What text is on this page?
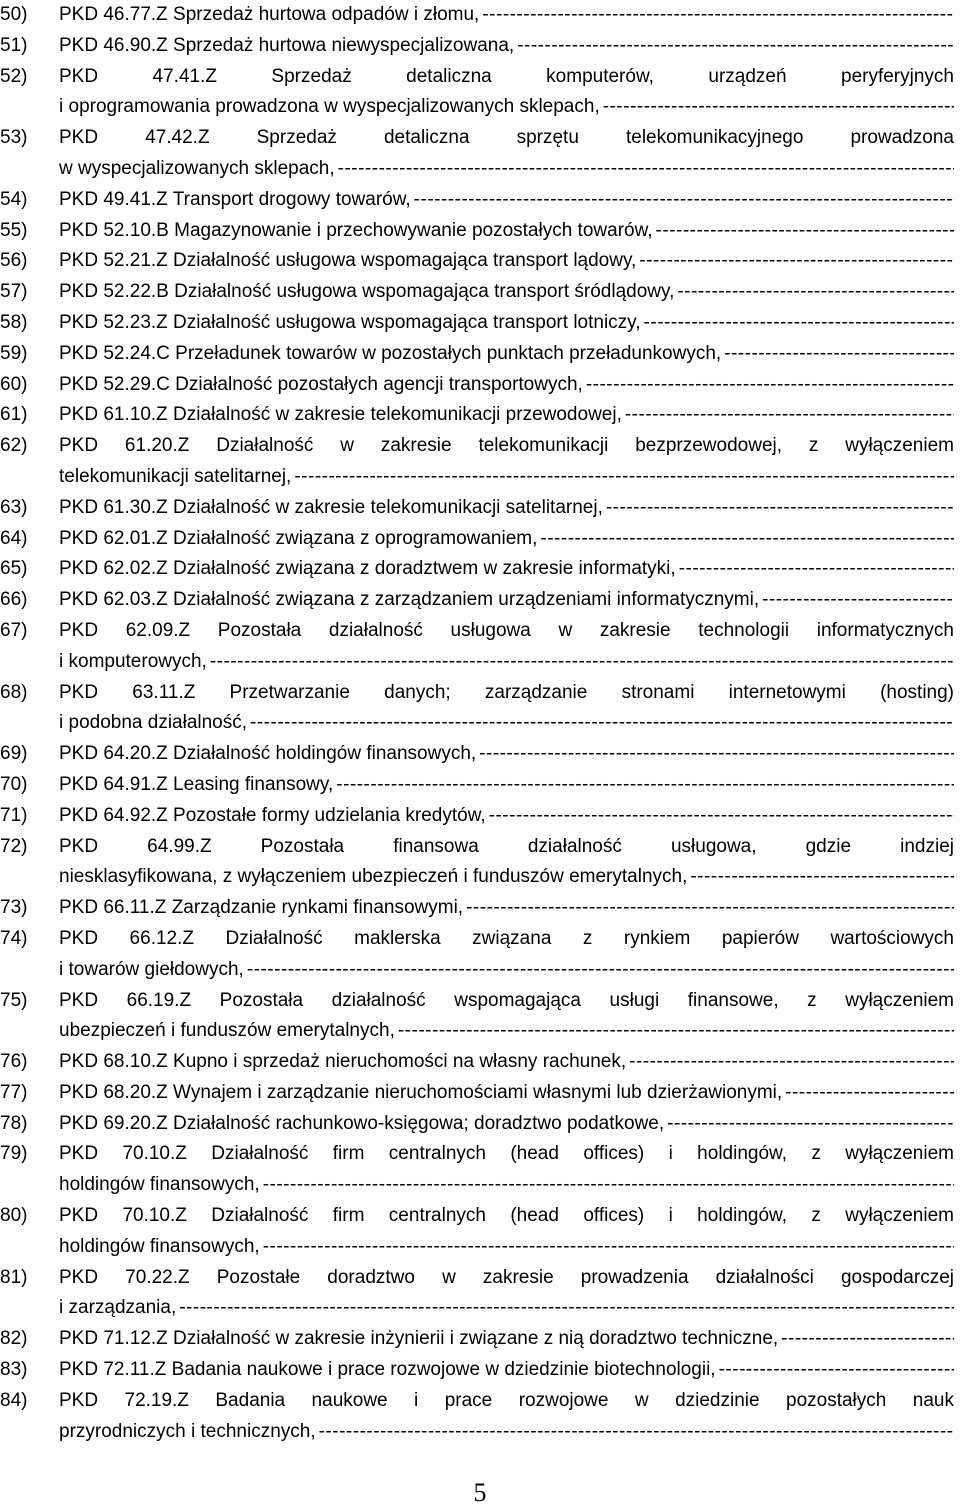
50)	PKD 46.77.Z Sprzedaż hurtowa odpadów i złomu,
-----
51)	PKD 46.90.Z Sprzedaż hurtowa niewyspecjalizowana,
-----
52)	PKD 47.41.Z Sprzedaż detaliczna komputerów, urządzeń peryferyjnych
i oprogramowania prowadzona w wyspecjalizowanych sklepach,
-----
53)	PKD 47.42.Z Sprzedaż detaliczna sprzętu telekomunikacyjnego prowadzona
w wyspecjalizowanych sklepach,
-----
54)	PKD 49.41.Z Transport drogowy towarów,
-----
55)	PKD 52.10.B Magazynowanie i przechowywanie pozostałych towarów,
-----
56)	PKD 52.21.Z Działalność usługowa wspomagająca transport lądowy,
-----
57)	PKD 52.22.B Działalność usługowa wspomagająca transport śródlądowy,
-----
58)	PKD 52.23.Z Działalność usługowa wspomagająca transport lotniczy,
-----
59)	PKD 52.24.C Przeładunek towarów w pozostałych punktach przeładunkowych,
-----
60)	PKD 52.29.C Działalność pozostałych agencji transportowych,
-----
61)	PKD 61.10.Z Działalność w zakresie telekomunikacji przewodowej,
-----
62)	PKD 61.20.Z Działalność w zakresie telekomunikacji bezprzewodowej, z wyłączeniem
telekomunikacji satelitarnej,
-----
63)	PKD 61.30.Z Działalność w zakresie telekomunikacji satelitarnej,
-----
64)	PKD 62.01.Z Działalność związana z oprogramowaniem,
-----
65)	PKD 62.02.Z Działalność związana z doradztwem w zakresie informatyki,
-----
66)	PKD 62.03.Z Działalność związana z zarządzaniem urządzeniami informatycznymi,
-----
67)	PKD 62.09.Z Pozostała działalność usługowa w zakresie technologii informatycznych
i komputerowych,
-----
68)	PKD 63.11.Z Przetwarzanie danych; zarządzanie stronami internetowymi (hosting)
i podobna działalność,
-----
69)	PKD 64.20.Z Działalność holdingów finansowych,
-----
70)	PKD 64.91.Z Leasing finansowy,
-----
71)	PKD 64.92.Z Pozostałe formy udzielania kredytów,
-----
72)	PKD 64.99.Z Pozostała finansowa działalność usługowa, gdzie indziej
niesklasyfikowana, z wyłączeniem ubezpieczeń i funduszów emerytalnych,
-----
73)	PKD 66.11.Z Zarządzanie rynkami finansowymi,
-----
74)	PKD 66.12.Z Działalność maklerska związana z rynkiem papierów wartościowych
i towarów giełdowych,
-----
75)	PKD 66.19.Z Pozostała działalność wspomagająca usługi finansowe, z wyłączeniem
ubezpieczeń i funduszów emerytalnych,
-----
76)	PKD 68.10.Z Kupno i sprzedaż nieruchomości na własny rachunek,
-----
77)	PKD 68.20.Z Wynajem i zarządzanie nieruchomościami własnymi lub dzierżawionymi,
-----
78)	PKD 69.20.Z Działalność rachunkowo-księgowa; doradztwo podatkowe,
-----
79)	PKD 70.10.Z Działalność firm centralnych (head offices) i holdingów, z wyłączeniem
holdingów finansowych,
-----
80)	PKD 70.10.Z Działalność firm centralnych (head offices) i holdingów, z wyłączeniem
holdingów finansowych,
-----
81)	PKD 70.22.Z Pozostałe doradztwo w zakresie prowadzenia działalności gospodarczej
i zarządzania,
-----
82)	PKD 71.12.Z Działalność w zakresie inżynierii i związane z nią doradztwo techniczne,
-----
83)	PKD 72.11.Z Badania naukowe i prace rozwojowe w dziedzinie biotechnologii,
-----
84)	PKD 72.19.Z Badania naukowe i prace rozwojowe w dziedzinie pozostałych nauk
przyrodniczych i technicznych,
-----
5
